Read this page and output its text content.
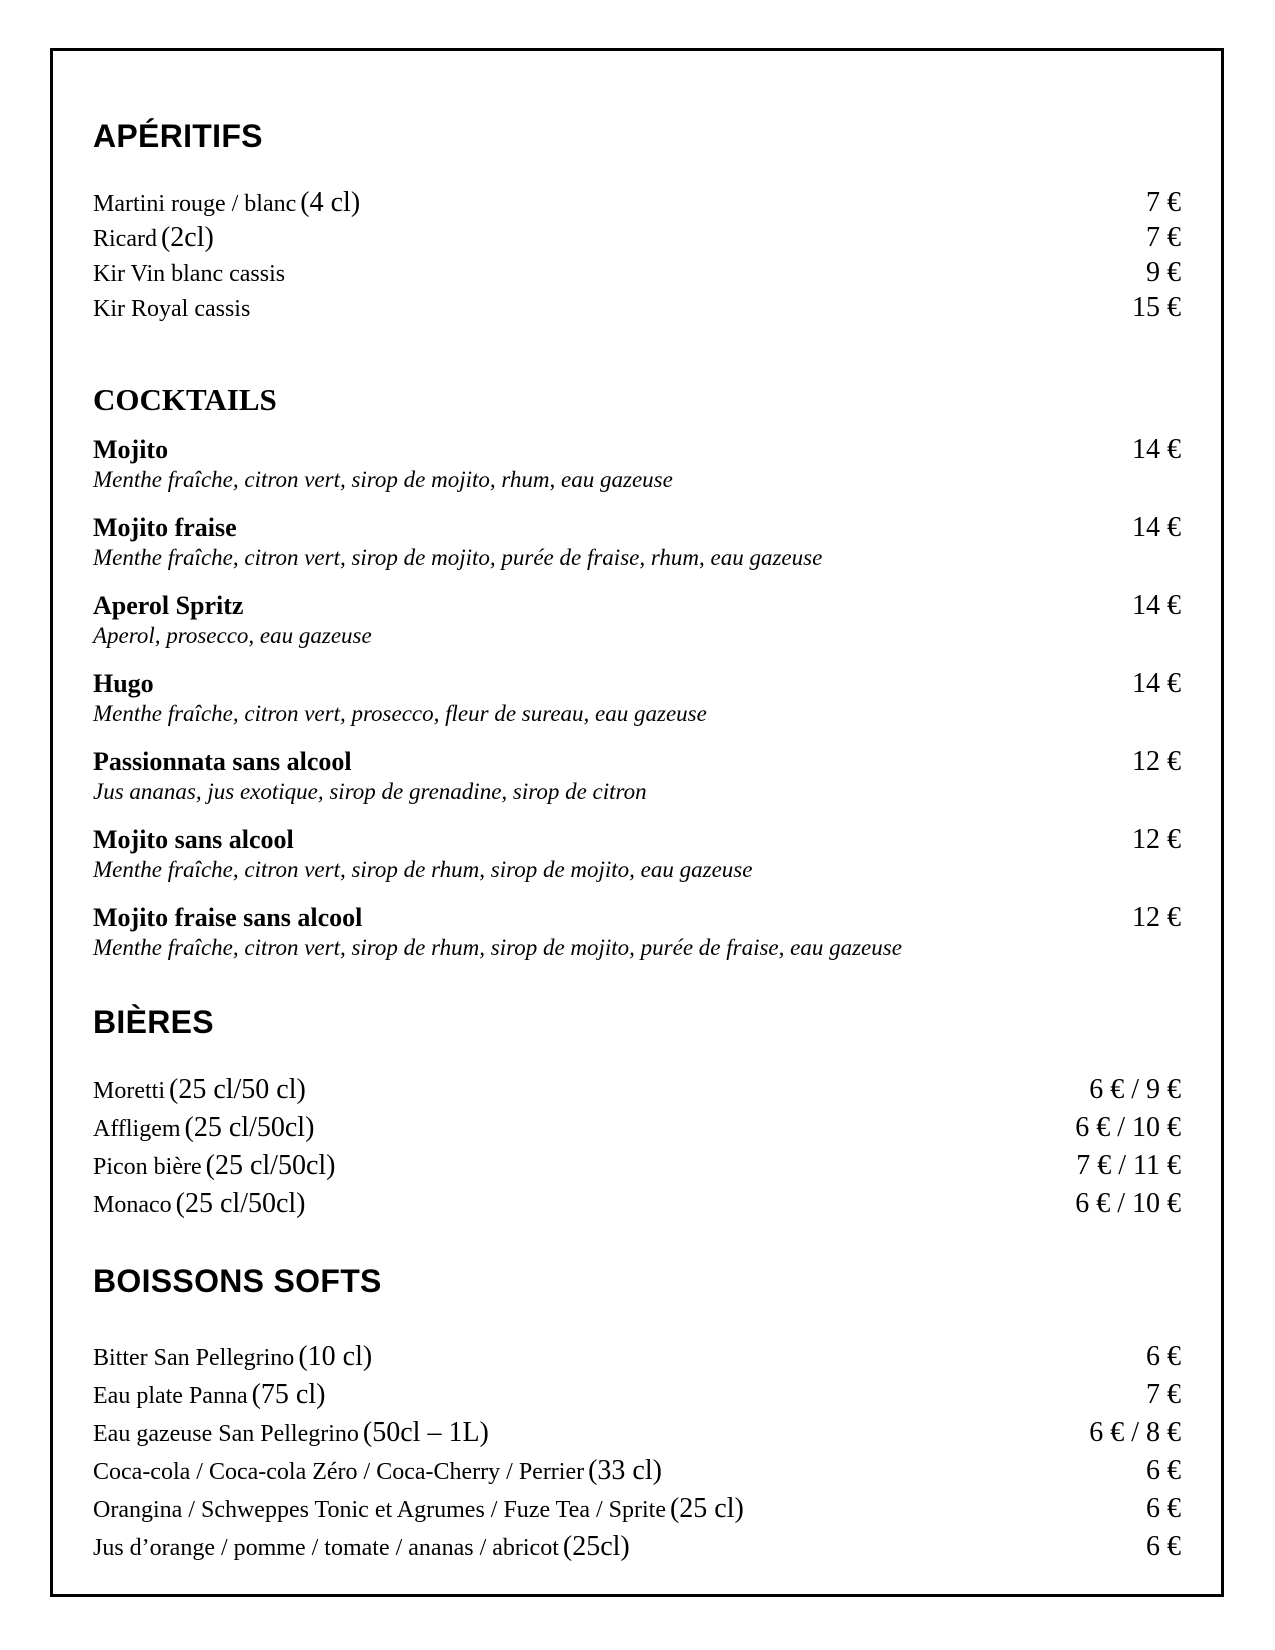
APÉRITIFS
Martini rouge / blanc (4 cl)	7 €
Ricard (2cl)	7 €
Kir Vin blanc cassis	9 €
Kir Royal cassis	15 €
COCKTAILS
Mojito	14 €
Menthe fraîche, citron vert, sirop de mojito, rhum, eau gazeuse
Mojito fraise	14 €
Menthe fraîche, citron vert, sirop de mojito, purée de fraise, rhum, eau gazeuse
Aperol Spritz	14 €
Aperol, prosecco, eau gazeuse
Hugo	14 €
Menthe fraîche, citron vert, prosecco, fleur de sureau, eau gazeuse
Passionnata sans alcool	12 €
Jus ananas, jus exotique, sirop de grenadine, sirop de citron
Mojito sans alcool	12 €
Menthe fraîche, citron vert, sirop de rhum, sirop de mojito, eau gazeuse
Mojito fraise sans alcool	12 €
Menthe fraîche, citron vert, sirop de rhum, sirop de mojito, purée de fraise, eau gazeuse
BIÈRES
Moretti (25 cl/50 cl)	6 € / 9 €
Affligem (25 cl/50cl)	6 € / 10 €
Picon bière (25 cl/50cl)	7 € / 11 €
Monaco (25 cl/50cl)	6 € / 10 €
BOISSONS SOFTS
Bitter San Pellegrino (10 cl)	6 €
Eau plate Panna (75 cl)	7 €
Eau gazeuse San Pellegrino (50cl – 1L)	6 € / 8 €
Coca-cola / Coca-cola Zéro / Coca-Cherry / Perrier (33 cl)	6 €
Orangina / Schweppes Tonic et Agrumes / Fuze Tea / Sprite (25 cl)	6 €
Jus d’orange / pomme / tomate / ananas / abricot (25cl)	6 €
